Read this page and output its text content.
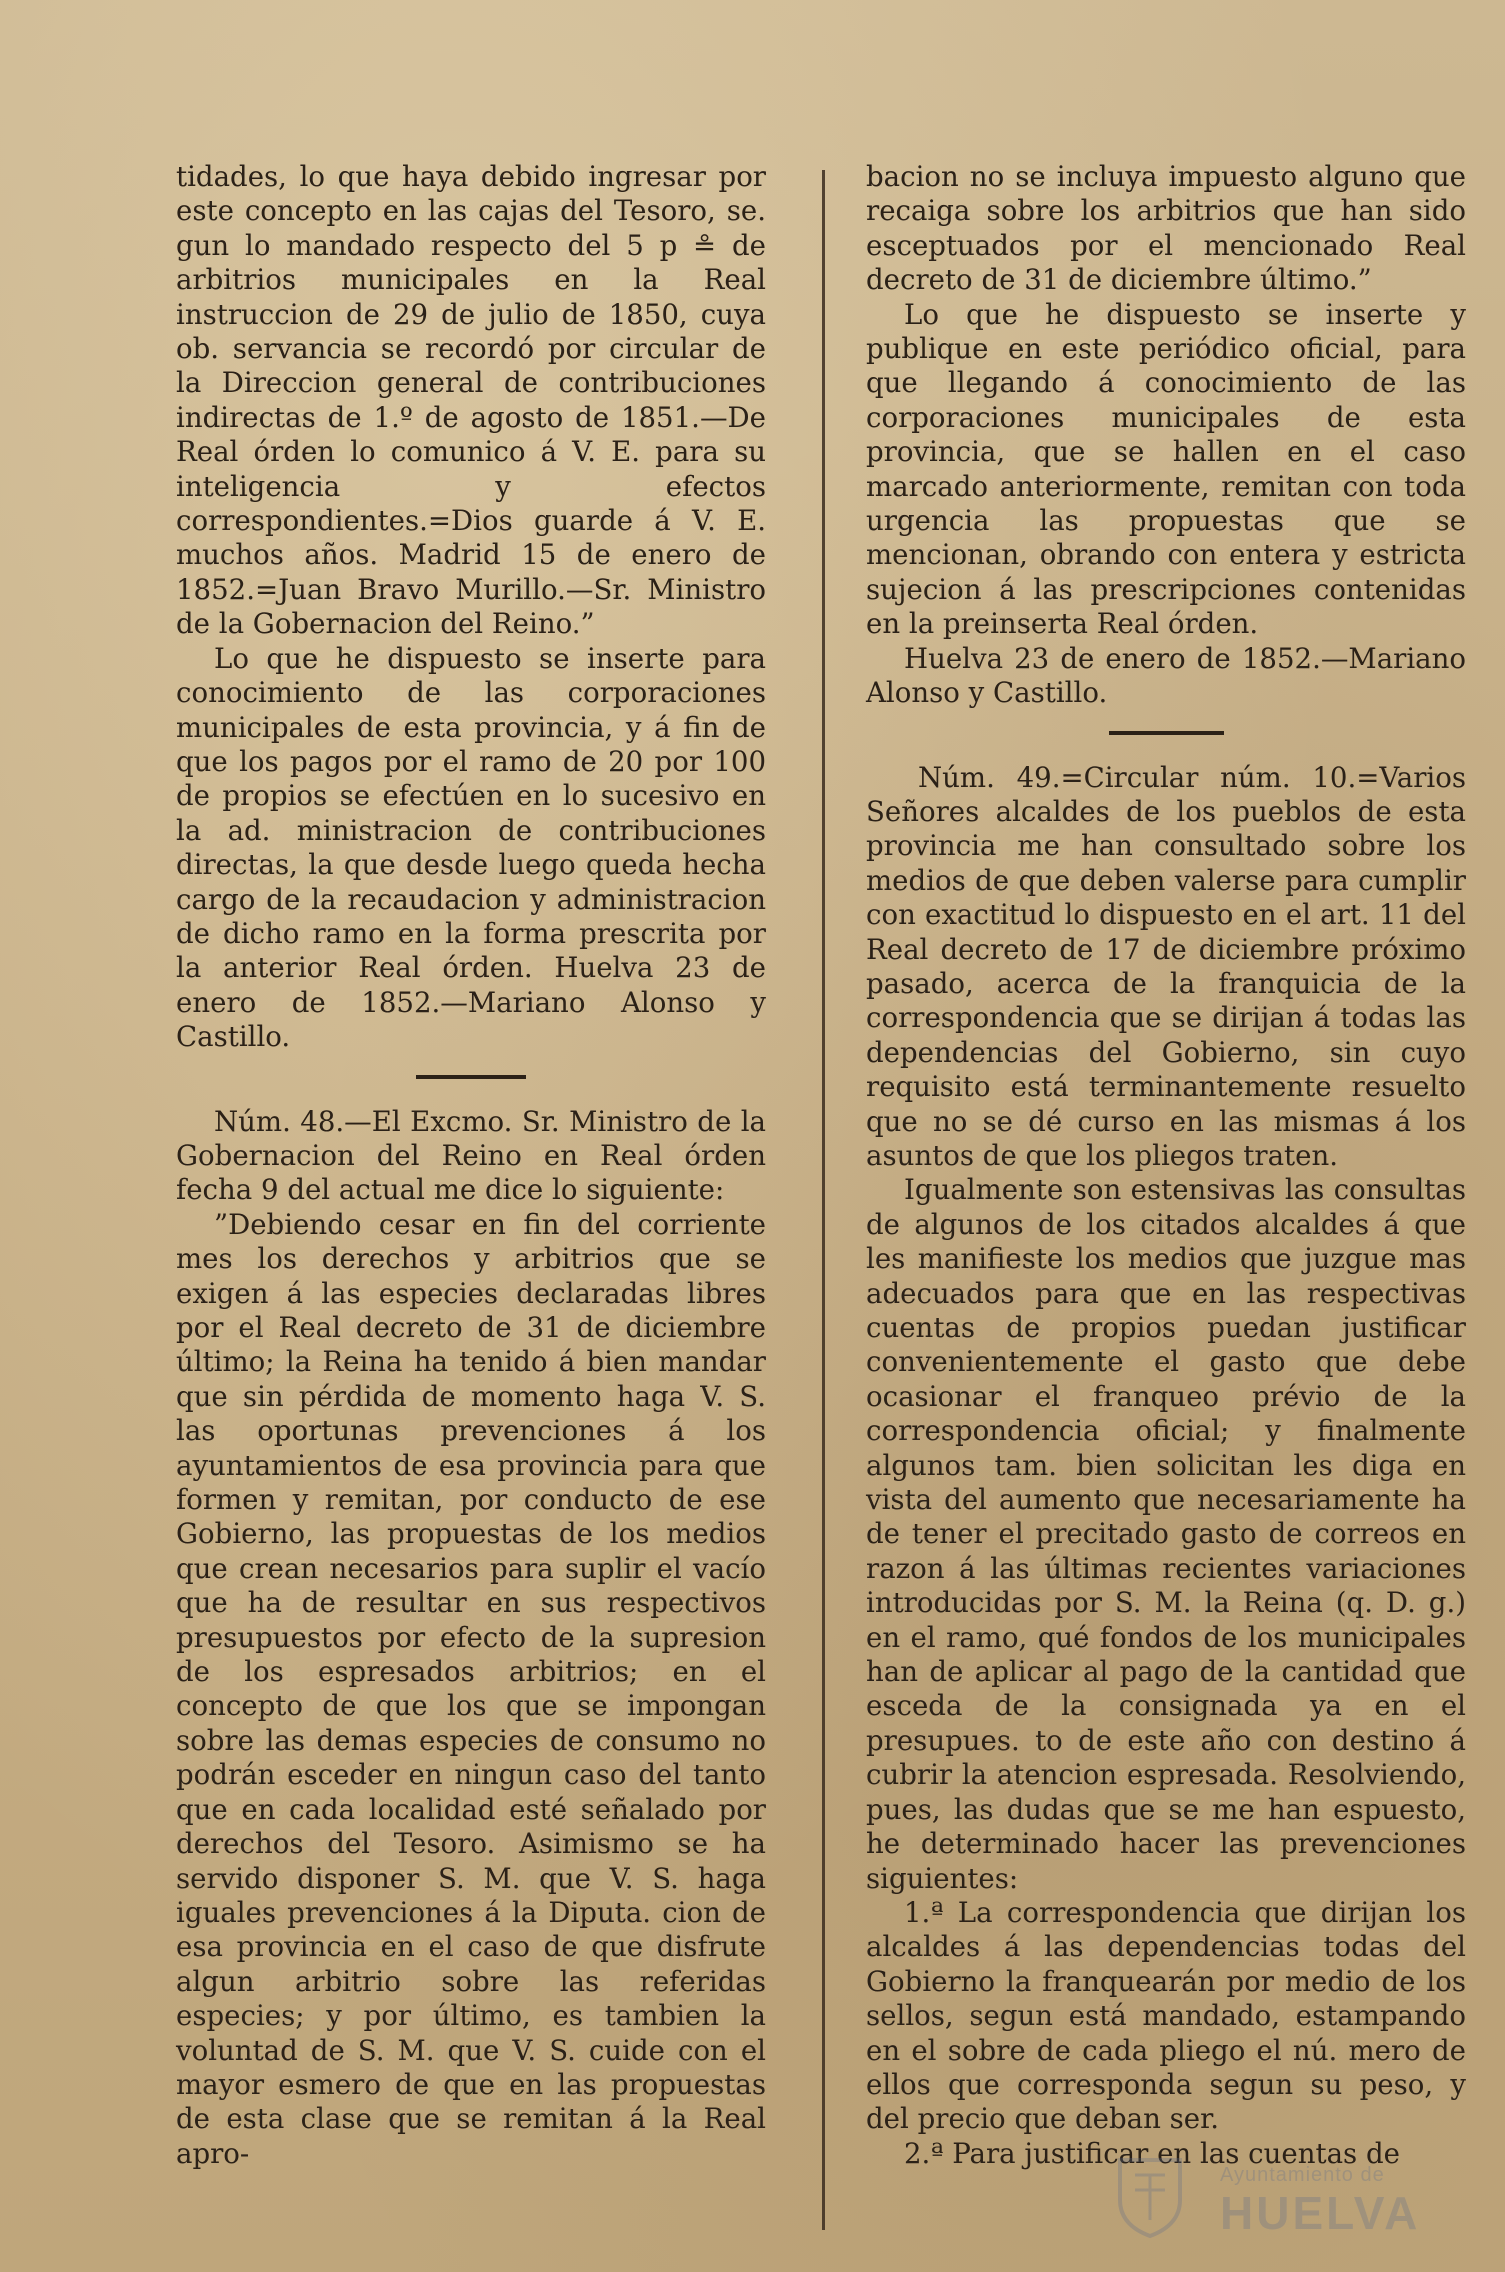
tidades, lo que haya debido ingresar por este concepto en las cajas del Tesoro, se. gun lo mandado respecto del 5 p ≗ de arbitrios municipales en la Real instruccion de 29 de julio de 1850, cuya ob. servancia se recordó por circular de la Direccion general de contribuciones indirectas de 1.º de agosto de 1851.—De Real órden lo comunico á V. E. para su inteligencia y efectos correspondientes.=Dios guarde á V. E. muchos años. Madrid 15 de enero de 1852.=Juan Bravo Murillo.—Sr. Ministro de la Gobernacion del Reino.”

Lo que he dispuesto se inserte para conocimiento de las corporaciones municipales de esta provincia, y á fin de que los pagos por el ramo de 20 por 100 de propios se efectúen en lo sucesivo en la ad. ministracion de contribuciones directas, la que desde luego queda hecha cargo de la recaudacion y administracion de dicho ramo en la forma prescrita por la anterior Real órden. Huelva 23 de enero de 1852.—Mariano Alonso y Castillo.

Núm. 48.—El Excmo. Sr. Ministro de la Gobernacion del Reino en Real órden fecha 9 del actual me dice lo siguiente:

”Debiendo cesar en fin del corriente mes los derechos y arbitrios que se exigen á las especies declaradas libres por el Real decreto de 31 de diciembre último; la Reina ha tenido á bien mandar que sin pérdida de momento haga V. S. las oportunas prevenciones á los ayuntamientos de esa provincia para que formen y remitan, por conducto de ese Gobierno, las propuestas de los medios que crean necesarios para suplir el vacío que ha de resultar en sus respectivos presupuestos por efecto de la supresion de los espresados arbitrios; en el concepto de que los que se impongan sobre las demas especies de consumo no podrán esceder en ningun caso del tanto que en cada localidad esté señalado por derechos del Tesoro. Asimismo se ha servido disponer S. M. que V. S. haga iguales prevenciones á la Diputa. cion de esa provincia en el caso de que disfrute algun arbitrio sobre las referidas especies; y por último, es tambien la voluntad de S. M. que V. S. cuide con el mayor esmero de que en las propuestas de esta clase que se remitan á la Real apro-

bacion no se incluya impuesto alguno que recaiga sobre los arbitrios que han sido esceptuados por el mencionado Real decreto de 31 de diciembre último.”

Lo que he dispuesto se inserte y publique en este periódico oficial, para que llegando á conocimiento de las corporaciones municipales de esta provincia, que se hallen en el caso marcado anteriormente, remitan con toda urgencia las propuestas que se mencionan, obrando con entera y estricta sujecion á las prescripciones contenidas en la preinserta Real órden.

Huelva 23 de enero de 1852.—Mariano Alonso y Castillo.

Núm. 49.=Circular núm. 10.=Varios Señores alcaldes de los pueblos de esta provincia me han consultado sobre los medios de que deben valerse para cumplir con exactitud lo dispuesto en el art. 11 del Real decreto de 17 de diciembre próximo pasado, acerca de la franquicia de la correspondencia que se dirijan á todas las dependencias del Gobierno, sin cuyo requisito está terminantemente resuelto que no se dé curso en las mismas á los asuntos de que los pliegos traten.

Igualmente son estensivas las consultas de algunos de los citados alcaldes á que les manifieste los medios que juzgue mas adecuados para que en las respectivas cuentas de propios puedan justificar convenientemente el gasto que debe ocasionar el franqueo prévio de la correspondencia oficial; y finalmente algunos tam. bien solicitan les diga en vista del aumento que necesariamente ha de tener el precitado gasto de correos en razon á las últimas recientes variaciones introducidas por S. M. la Reina (q. D. g.) en el ramo, qué fondos de los municipales han de aplicar al pago de la cantidad que esceda de la consignada ya en el presupues. to de este año con destino á cubrir la atencion espresada. Resolviendo, pues, las dudas que se me han espuesto, he determinado hacer las prevenciones siguientes:

1.ª La correspondencia que dirijan los alcaldes á las dependencias todas del Gobierno la franquearán por medio de los sellos, segun está mandado, estampando en el sobre de cada pliego el nú. mero de ellos que corresponda segun su peso, y del precio que deban ser.

2.ª Para justificar en las cuentas de

Ayuntamiento de
HUELVA
